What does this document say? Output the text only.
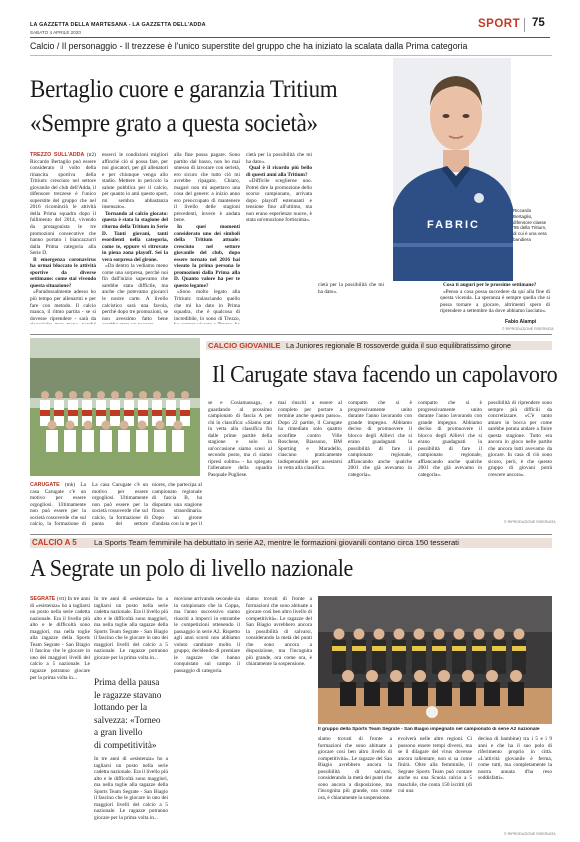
LA GAZZETTA DELLA MARTESANA - LA GAZZETTA DELL'ADDA
SABATO 4 APRILE 2020
SPORT 75
Calcio / Il personaggio - Il trezzese è l'unico superstite del gruppo che ha iniziato la scalata dalla Prima categoria
Bertaglio cuore e garanzia Tritium
«Sempre grato a questa società»
FABRIC
Riccardo Bertaglio, difensore classe '95 della Tritium, di cui è una vera bandiera
TREZZO SULL'ADDA (tt2) Riccardo Bertaglio può essere considerato il volto della rinascita sportiva della Tritium: cresciuto nel settore giovanile del club dell'Adda, il difensore trezzese è l'unico superstite del gruppo che nel 2016 ricominciò le attività della Prima squadra dopo il fallimento del 2014, vivendo da protagonista le tre promozioni consecutive che hanno portato i biancazzurri dalla Prima categoria alla Serie D.

Il emergenza coronavirus ha ormai bloccato le attività sportive da diverse settimane: come stai vivendo questa situazione?

«Paradossalmente adesso ho più tempo per allenarmi e per fare con metodo. Il calcio manca, il ritmo partita - se si dovesse riprendere - sarà da

esserci le condizioni migliori affinché ciò si possa fare, per noi giocatori, per gli allenatori e per chiunque venga allo stadio. Mettere in pericolo la salute pubblica per il calcio, per quanto io ami questo sport, mi sembra abbastanza insensato».

Tornando al calcio giocato: questa è stata la stagione del ritorno della Tritium in Serie D. Tanti giovani, tanti esordienti nella categoria, come te, eppure vi ritrovate in piena zona playoff. Sei la vera sorpresa del girone.

«Da dentro la vediamo meno come una sorpresa, perché noi fin dall'inizio sapevamo che sarebbe stata difficile, ma anche che potevamo giocarci le nostre carte. A livello calcistico sarà una favola, perché dopo tre promozioni, se non avessimo fatto bene

alla fine possa pagare. Sono partito dal basso, non ho mai smesso di lavorare con serietà, ero sicuro che tutto ciò mi avrebbe ripagato. Chiaro, magari non mi aspettavo una cosa del genere: a inizio anno ero preoccupato di mantenere il livello delle stagioni precedenti, invece è andata bene.

In quei momenti considerato uno dei simboli della Tritium attuale: cresciuto nel settore giovanile del club, dopo essere tornato nel 2016 hai vissuto la prima persona le promozioni dalla Prima alla D. Quanto valore ha per te questo legame?

«Sono molto legato alla Tritium: tralasciando quello che mi ha dato in Prima squadra, che è qualcosa di incredibile, lo sono di Trezzo,

cietà per la possibilità che mi ha dato».

Qual è il ricordo più bello di questi anni alla Tritium?

«Difficile sceglierne uno. Potrei dire la promozione dello scorso campionato, arrivata dopo playoff estenuanti e tensione fino all'ultimo, ma non erano esperienze nuove, è stata un'emozione fortissima».

cietà per la possibilità che mi ha dato».

Cosa ti auguri per le prossime settimane?

«Penso a cosa possa succedere da qui alla fine di questa vicenda. La speranza è sempre quella che si possa tornare a giocare, altrimenti spero di riprendere a settembre da dove abbiamo lasciato».

Fabio Alampi
© RIPRODUZIONE RISERVATA
CALCIO GIOVANILE La Juniores regionale B rossoverde guida il suo equilibratissimo girone
Il Carugate stava facendo un capolavoro
CARUGATE (mk) La casa Carugate c'è un motivo per essere orgogliosi. Ultimamente non può essere per la società rossoverde che sul calcio, la formazione di
La casa Carugate c'è un motivo per essere orgogliosi. Ultimamente non può essere per la società rossoverde che sul calcio, la formazione di punta del settore
niores, che partecipa al campionato regionale di fascia B, ha disputato una stagione finora straordinaria. Dopo un girone d'andata con la te per il
se e Cosiamassaga, e guardando al prossimo campionato di fascia A per chi in classifica: «Siamo stati in vetta alla classifica fin dalle prime partite della stagione e solo in un'occasione siamo scesi al secondo posto, ma ci siamo ripresi subito» - ha spiegato l'allenatore della squadra Pasquale Pugliese.
mai riusciti a essere al completo per portare a termine anche questo passo». Dopo 22 partite, il Carugate ha rimediato solo quattro sconfitte contro Ville Roschese, Biassono, BM Sporting e Maradello, ciascuno praticamente indispensabile per assestarsi in vetta alla classifica.
compatto che si è progressivamente unito durante l'anno lavorando con grande impegno. Abbiamo deciso di promuovere il blocco degli Allievi che si erano guadagnati la possibilità di fare il campionato regionale, affiancando anche qualche 2001 che già avevamo in categoria».
compatto che si è progressivamente unito durante l'anno lavorando con grande impegno. Abbiamo deciso di promuovere il blocco degli Allievi che si erano guadagnati la possibilità di fare il campionato regionale, affiancando anche qualche 2001 che già avevamo in categoria».
possibilità di riprendere sono sempre più difficili da concretizzare. «C'è tanto amaro in bocca per come sarebbe potuta andare a finire questa stagione. Tutto era ancora in gioco nelle partite che ancora tutti avevamo da giocare. In casa di ciò sono sicuro, però, è che questo gruppo di giovani potrà crescere ancora».
© RIPRODUZIONE RISERVATA
CALCIO A 5 La Sports Team femminile ha debuttato in serie A2, mentre le formazioni giovanili contano circa 150 tesserati
A Segrate un polo di livello nazionale
SEGRATE (vtt) In tre anni di «esistenza» ho a tagliarsi un posto nella serie cadetta nazionale. Era il livello più alto e le difficoltà sono maggiori, ma nella toglie alla ragazze della Sports Team Segrate - San Biagio il fascino che le giocare in uno dei maggiori livelli del calcio a 5 nazionale. Le ragazze potranno giocare per la prima volta in...	Prima della pausa
le ragazze stavano
lottando per la
salvezza: «Torneo
a gran livello
di competitività»
In tre anni di «esistenza» ho a tagliarsi un posto nella serie cadetta nazionale. Era il livello più alto e le difficoltà sono maggiori, ma nella toglie alla ragazze della Sports Team Segrate - San Biagio il fascino che le giocare in uno dei maggiori livelli del calcio a 5 nazionale. Le ragazze potranno giocare per la prima volta in...
In tre anni di «esistenza» ho a tagliarsi un posto nella serie cadetta nazionale. Era il livello più alto e le difficoltà sono maggiori, ma nella toglie alla ragazze della Sports Team Segrate - San Biagio il fascino che le giocare in uno dei maggiori livelli del calcio a 5 nazionale. Le ragazze potranno giocare per la prima volta in...
movione arrivando seconde sia in campionato che in Coppa, ma l'anno successivo siamo riusciti a imporci in entrambe le competizioni ottenendo il passaggio in serie A2. Rispetto agli anni scorsi non abbiamo voluto cambiare molto il gruppo, decidendo di premiare le ragazze che hanno conquistato sul campo il passaggio di categoria.
slamo trovati di fronte a formazioni che sono abituate a giocare così ben altro livello di competitività». Le ragazze del San Biagio avrebbero ancora la possibilità di salvarsi, considerando la metà dei punti che sono ancora a disposizione, ma l'incognita più grande, ora come ora, è chiaramente la sospensione.
Il gruppo della Sports Team Segrate - San Biagio impegnato nel campionato di serie A2 nazionale
slamo trovati di fronte a formazioni che sono abituate a giocare così ben altro livello di competitività». Le ragazze del San Biagio avrebbero ancora la possibilità di salvarsi, considerando la metà dei punti che sono ancora a disposizione, ma l'incognita più grande, ora come ora, è chiaramente la sospensione.
evolverà nelle altre regioni. Ci possono essere tempi diversi, ma se il dilagare del virus dovesse ancora rallentare, non si sa come finirà. Oltre alla femminile, il Segrate Sports Team può contare anche su una Scuola calcio a 5 maschile, che conta 150 iscritti (di cui una
decina di bambine) tra i 5 e i 9 anni e che ha il suo polo di riferimento proprio in città. «L'attività giovanile è ferma, come tutti, ma completamente la nostra annata d'ha reso soddisfatti».
© RIPRODUZIONE RISERVATA
